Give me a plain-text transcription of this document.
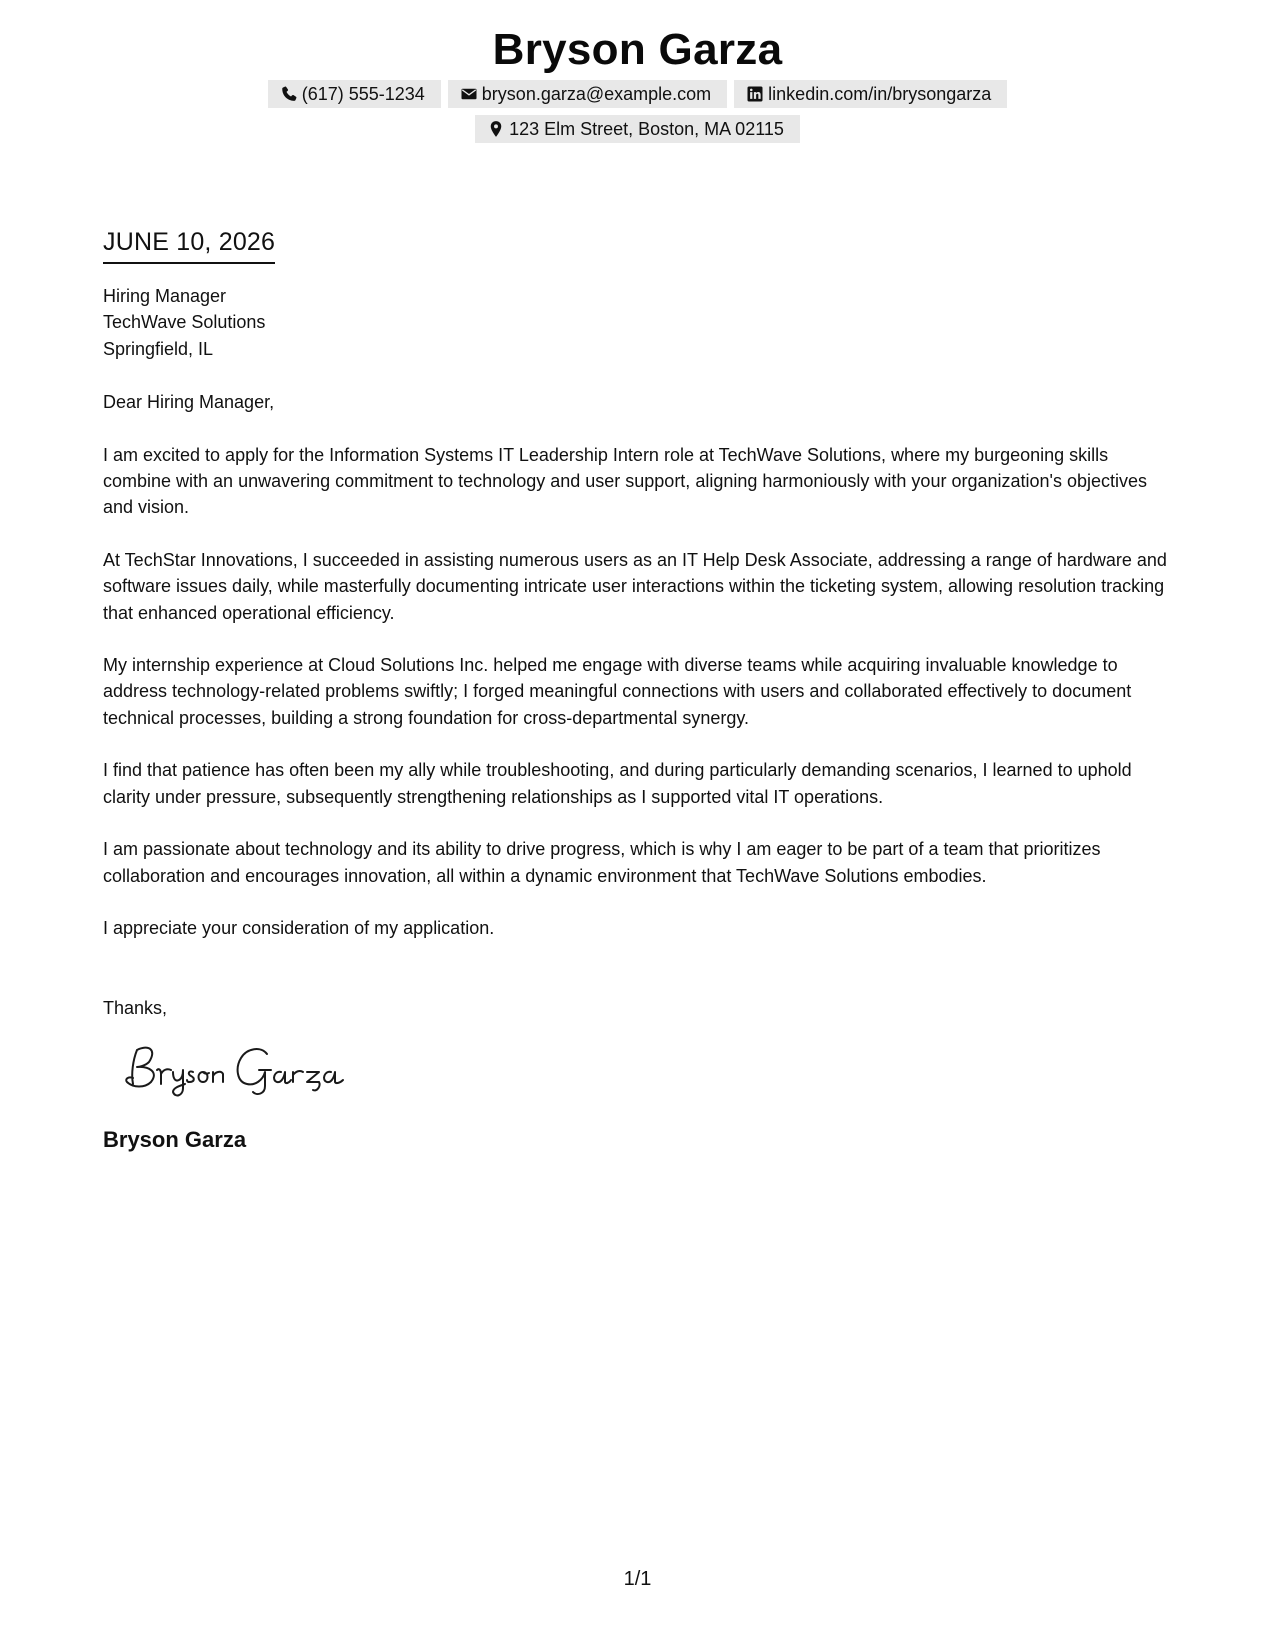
Bryson Garza
(617) 555-1234	bryson.garza@example.com	linkedin.com/in/brysongarza
123 Elm Street, Boston, MA 02115
JUNE 10, 2026
Hiring Manager
TechWave Solutions
Springfield, IL
Dear Hiring Manager,
I am excited to apply for the Information Systems IT Leadership Intern role at TechWave Solutions, where my burgeoning skills combine with an unwavering commitment to technology and user support, aligning harmoniously with your organization's objectives and vision.
At TechStar Innovations, I succeeded in assisting numerous users as an IT Help Desk Associate, addressing a range of hardware and software issues daily, while masterfully documenting intricate user interactions within the ticketing system, allowing resolution tracking that enhanced operational efficiency.
My internship experience at Cloud Solutions Inc. helped me engage with diverse teams while acquiring invaluable knowledge to address technology-related problems swiftly; I forged meaningful connections with users and collaborated effectively to document technical processes, building a strong foundation for cross-departmental synergy.
I find that patience has often been my ally while troubleshooting, and during particularly demanding scenarios, I learned to uphold clarity under pressure, subsequently strengthening relationships as I supported vital IT operations.
I am passionate about technology and its ability to drive progress, which is why I am eager to be part of a team that prioritizes collaboration and encourages innovation, all within a dynamic environment that TechWave Solutions embodies.
I appreciate your consideration of my application.
Thanks,
Bryson Garza
1/1
